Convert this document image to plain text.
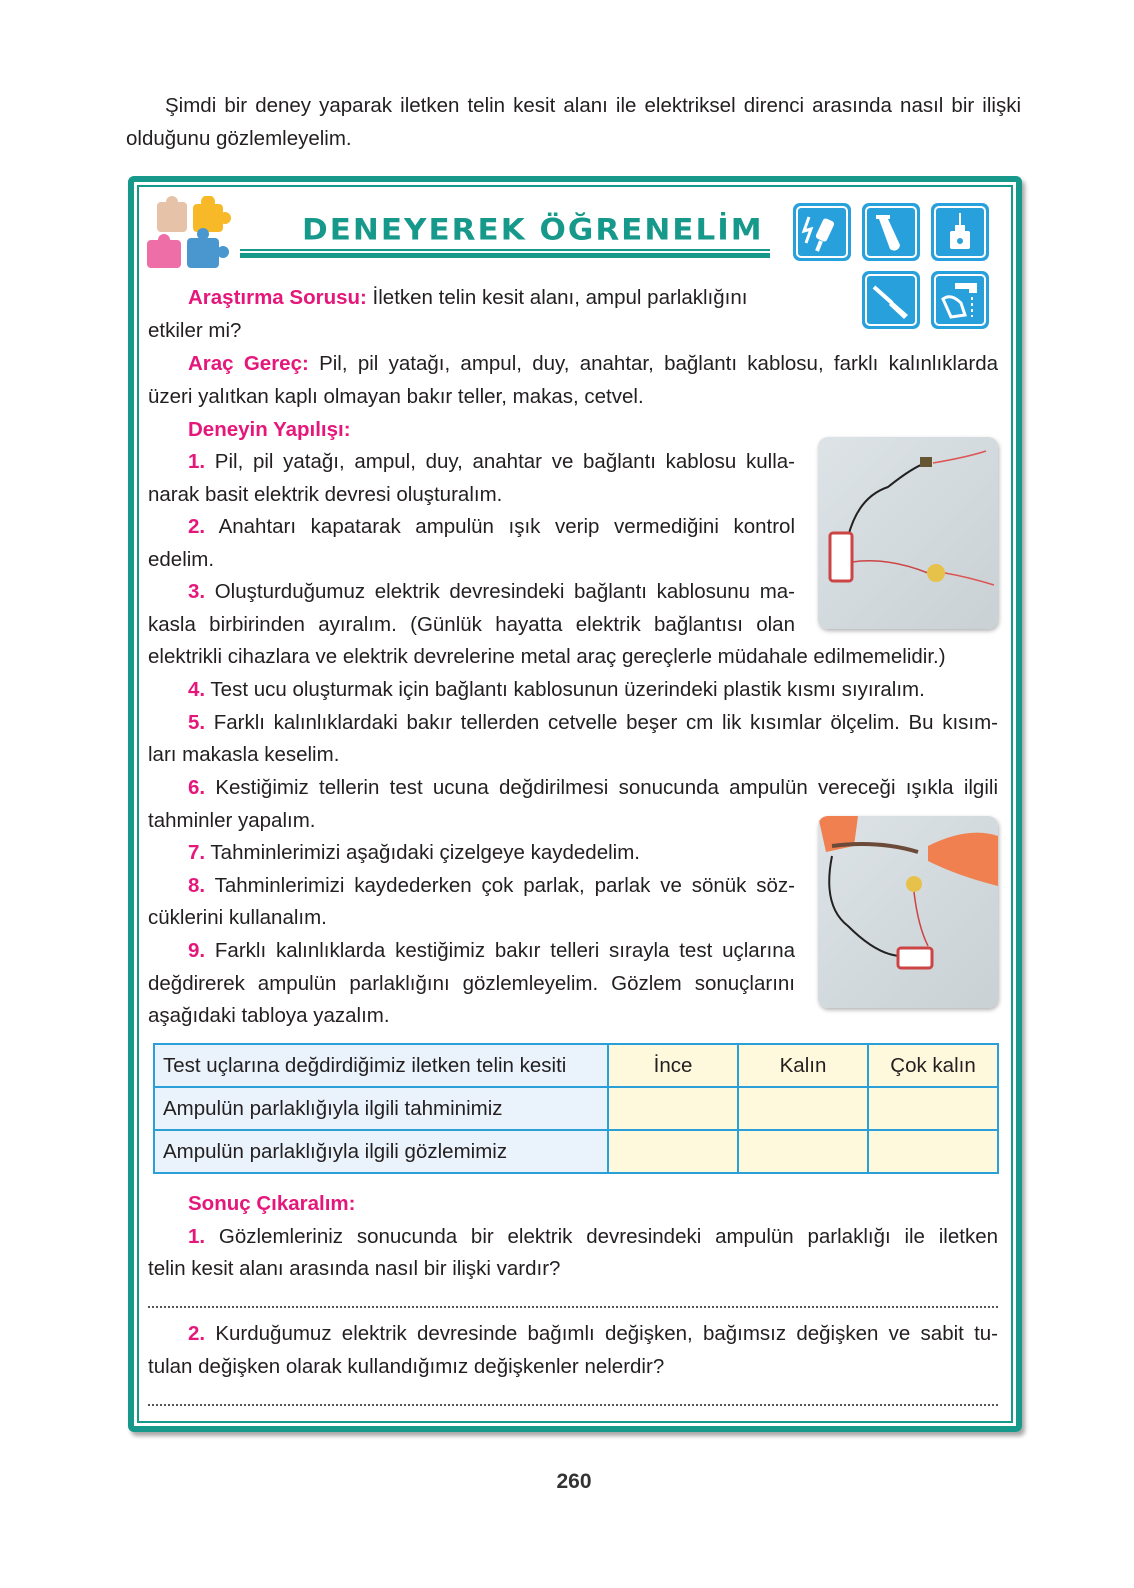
Şimdi bir deney yaparak iletken telin kesit alanı ile elektriksel direnci arasında nasıl bir ilişki
olduğunu gözlemleyelim.
DENEYEREK ÖĞRENELİM
Araştırma Sorusu: İletken telin kesit alanı, ampul parlaklığını
etkiler mi?
Araç Gereç: Pil, pil yatağı, ampul, duy, anahtar, bağlantı kablosu, farklı kalınlıklarda
üzeri yalıtkan kaplı olmayan bakır teller, makas, cetvel.
Deneyin Yapılışı:
1. Pil, pil yatağı, ampul, duy, anahtar ve bağlantı kablosu kulla-
narak basit elektrik devresi oluşturalım.
2. Anahtarı kapatarak ampulün ışık verip vermediğini kontrol
edelim.
3. Oluşturduğumuz elektrik devresindeki bağlantı kablosunu ma-
kasla birbirinden ayıralım. (Günlük hayatta elektrik bağlantısı olan
elektrikli cihazlara ve elektrik devrelerine metal araç gereçlerle müdahale edilmemelidir.)
4. Test ucu oluşturmak için bağlantı kablosunun üzerindeki plastik kısmı sıyıralım.
5. Farklı kalınlıklardaki bakır tellerden cetvelle beşer cm lik kısımlar ölçelim. Bu kısım-
ları makasla keselim.
6. Kestiğimiz tellerin test ucuna değdirilmesi sonucunda ampulün vereceği ışıkla ilgili
tahminler yapalım.
7. Tahminlerimizi aşağıdaki çizelgeye kaydedelim.
8. Tahminlerimizi kaydederken çok parlak, parlak ve sönük söz-
cüklerini kullanalım.
9. Farklı kalınlıklarda kestiğimiz bakır telleri sırayla test uçlarına
değdirerek ampulün parlaklığını gözlemleyelim. Gözlem sonuçlarını
aşağıdaki tabloya yazalım.
Test uçlarına değdirdiğimiz iletken telin kesiti	İnce	Kalın	Çok kalın
Ampulün parlaklığıyla ilgili tahminimiz			
Ampulün parlaklığıyla ilgili gözlemimiz			
Sonuç Çıkaralım:
1. Gözlemleriniz sonucunda bir elektrik devresindeki ampulün parlaklığı ile iletken
telin kesit alanı arasında nasıl bir ilişki vardır?
2. Kurduğumuz elektrik devresinde bağımlı değişken, bağımsız değişken ve sabit tu-
tulan değişken olarak kullandığımız değişkenler nelerdir?
260
